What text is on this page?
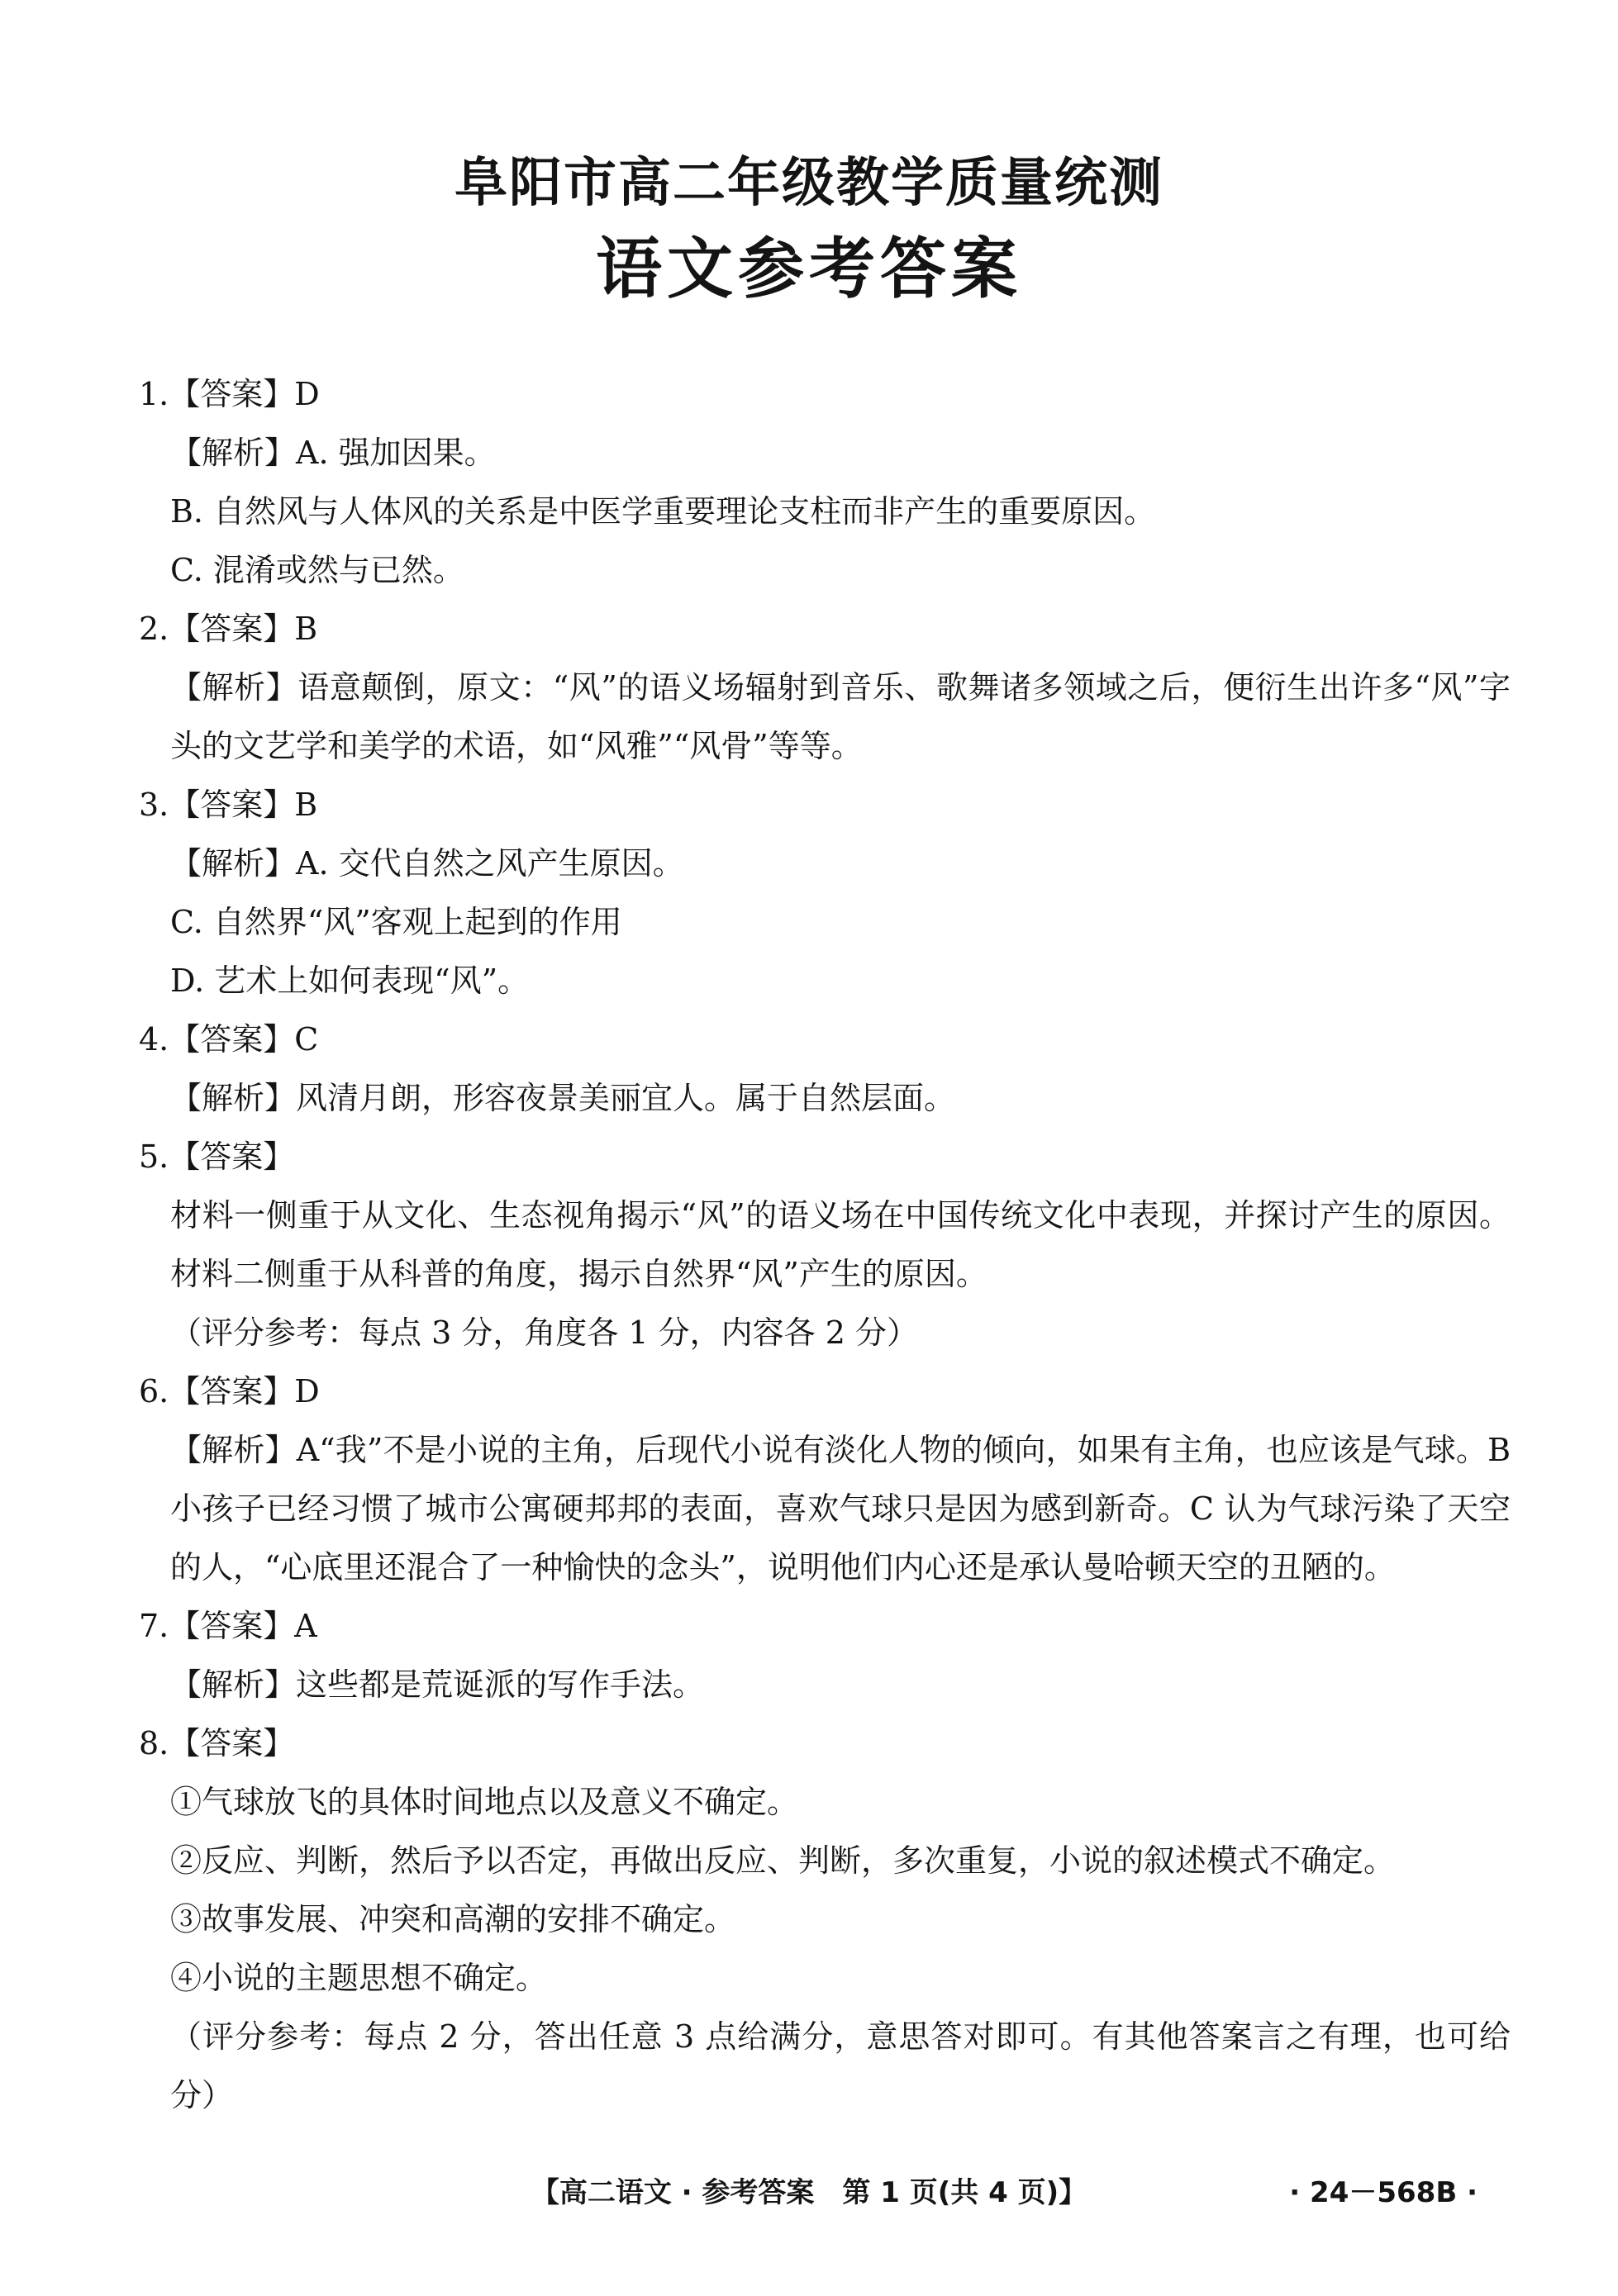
阜阳市高二年级教学质量统测
语文参考答案
1.【答案】D
【解析】A. 强加因果。
B. 自然风与人体风的关系是中医学重要理论支柱而非产生的重要原因。
C. 混淆或然与已然。
2.【答案】B
【解析】语意颠倒，原文：“风”的语义场辐射到音乐、歌舞诸多领域之后，便衍生出许多“风”字头的文艺学和美学的术语，如“风雅”“风骨”等等。
3.【答案】B
【解析】A. 交代自然之风产生原因。
C. 自然界“风”客观上起到的作用
D. 艺术上如何表现“风”。
4.【答案】C
【解析】风清月朗，形容夜景美丽宜人。属于自然层面。
5.【答案】
材料一侧重于从文化、生态视角揭示“风”的语义场在中国传统文化中表现，并探讨产生的原因。材料二侧重于从科普的角度，揭示自然界“风”产生的原因。
（评分参考：每点 3 分，角度各 1 分，内容各 2 分）
6.【答案】D
【解析】A“我”不是小说的主角，后现代小说有淡化人物的倾向，如果有主角，也应该是气球。B 小孩子已经习惯了城市公寓硬邦邦的表面，喜欢气球只是因为感到新奇。C 认为气球污染了天空的人，“心底里还混合了一种愉快的念头”，说明他们内心还是承认曼哈顿天空的丑陋的。
7.【答案】A
【解析】这些都是荒诞派的写作手法。
8.【答案】
①气球放飞的具体时间地点以及意义不确定。
②反应、判断，然后予以否定，再做出反应、判断，多次重复，小说的叙述模式不确定。
③故事发展、冲突和高潮的安排不确定。
④小说的主题思想不确定。
（评分参考：每点 2 分，答出任意 3 点给满分，意思答对即可。有其他答案言之有理，也可给分）
【高二语文 · 参考答案　第 1 页(共 4 页)】	· 24－568B ·
